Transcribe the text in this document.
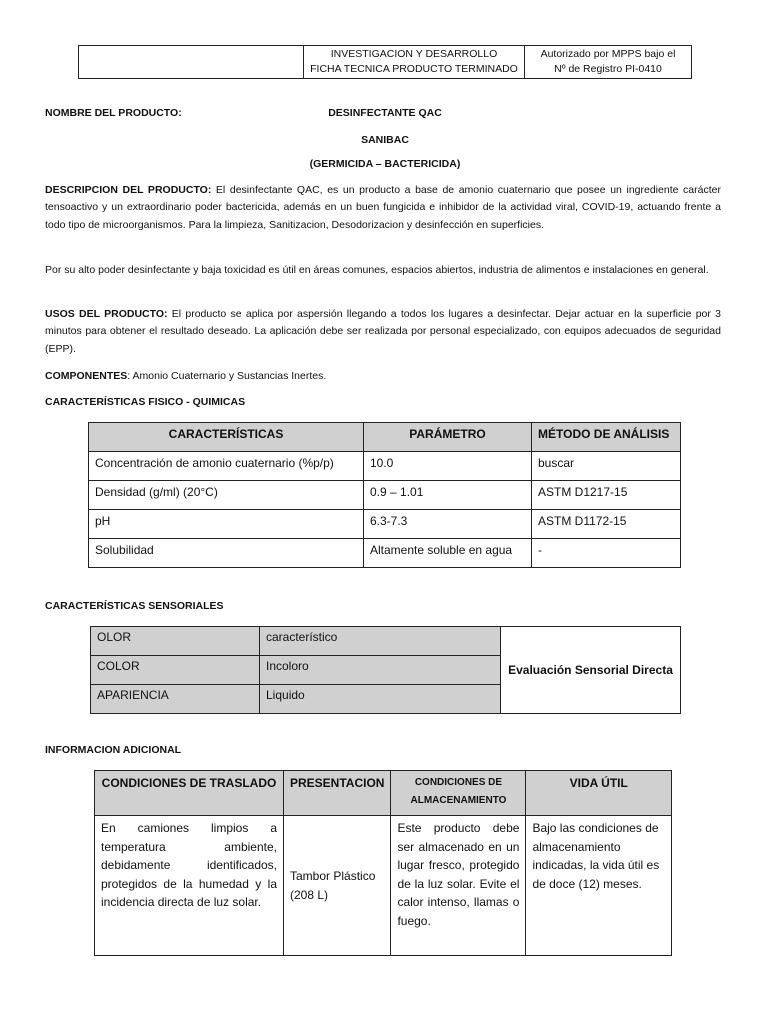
INVESTIGACION Y DESARROLLO
FICHA TECNICA PRODUCTO TERMINADO

Autorizado por MPPS bajo el
Nº de Registro PI-0410
NOMBRE DEL PRODUCTO:	DESINFECTANTE QAC
SANIBAC
(GERMICIDA – BACTERICIDA)
DESCRIPCION DEL PRODUCTO: El desinfectante QAC, es un producto a base de amonio cuaternario que posee un ingrediente carácter tensoactivo y un extraordinario poder bactericida, además en un buen fungicida e inhibidor de la actividad viral, COVID-19, actuando frente a todo tipo de microorganismos. Para la limpieza, Sanitizacion, Desodorizacion y desinfección en superficies.
Por su alto poder desinfectante y baja toxicidad es útil en áreas comunes, espacios abiertos, industria de alimentos e instalaciones en general.
USOS DEL PRODUCTO: El producto se aplica por aspersión llegando a todos los lugares a desinfectar. Dejar actuar en la superficie por 3 minutos para obtener el resultado deseado. La aplicación debe ser realizada por personal especializado, con equipos adecuados de seguridad (EPP).
COMPONENTES: Amonio Cuaternario y Sustancias Inertes.
CARACTERÍSTICAS FISICO - QUIMICAS
CARACTERÍSTICAS	PARÁMETRO	MÉTODO DE ANÁLISIS
Concentración de amonio cuaternario (%p/p)	10.0	buscar
Densidad (g/ml) (20°C)	0.9 – 1.01	ASTM D1217-15
pH	6.3-7.3	ASTM D1172-15
Solubilidad	Altamente soluble en agua	-
CARACTERÍSTICAS SENSORIALES
OLOR	característico	Evaluación Sensorial Directa
COLOR	Incoloro	
APARIENCIA	Liquido	
INFORMACION ADICIONAL
CONDICIONES DE TRASLADO	PRESENTACION	CONDICIONES DE ALMACENAMIENTO	VIDA ÚTIL
En camiones limpios a temperatura ambiente, debidamente identificados, protegidos de la humedad y la incidencia directa de luz solar.	Tambor Plástico (208 L)	Este producto debe ser almacenado en un lugar fresco, protegido de la luz solar. Evite el calor intenso, llamas o fuego.	Bajo las condiciones de almacenamiento indicadas, la vida útil es de doce (12) meses.
